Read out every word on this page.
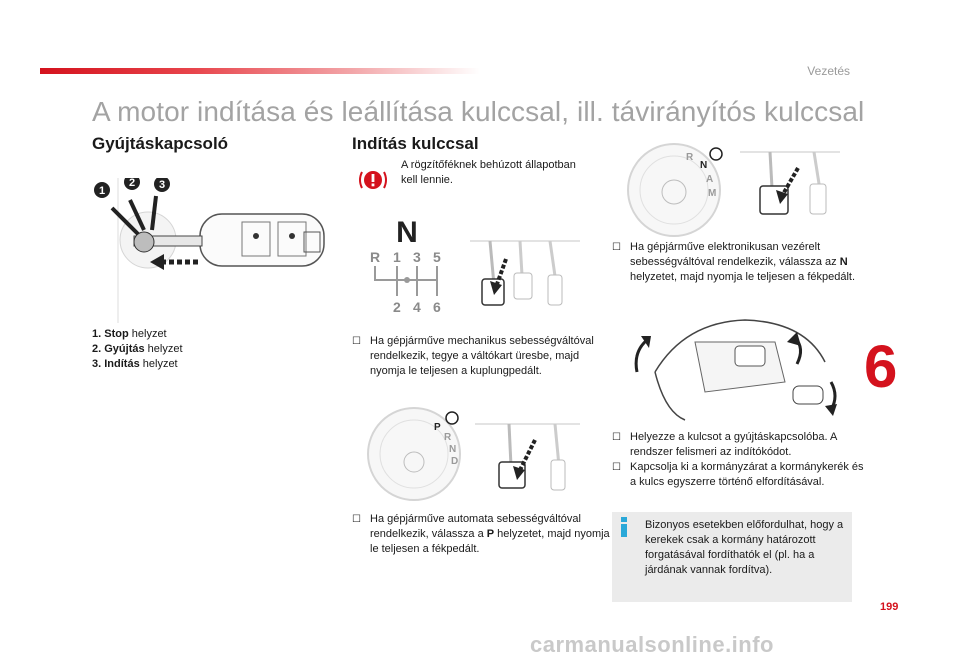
Vezetés
A motor indítása és leállítása kulccsal, ill. távirányítós kulccsal
Gyújtáskapcsoló
1
2 3
1. Stop helyzet
2. Gyújtás helyzet
3. Indítás helyzet
Indítás kulccsal
A rögzítőféknek behúzott állapotban kell lennie.
N
R 1 3 5
2 4 6
☐ Ha gépjárműve mechanikus sebességváltóval rendelkezik, tegye a váltókart üresbe, majd nyomja le teljesen a kuplungpedált.
P
R
N
D
☐ Ha gépjárműve automata sebességváltóval rendelkezik, válassza a P helyzetet, majd nyomja le teljesen a fékpedált.
R
N
A
M
☐ Ha gépjárműve elektronikusan vezérelt sebességváltóval rendelkezik, válassza az N helyzetet, majd nyomja le teljesen a fékpedált.
☐ Helyezze a kulcsot a gyújtáskapcsolóba. A rendszer felismeri az indítókódot.
☐ Kapcsolja ki a kormányzárat a kormánykerék és a kulcs egyszerre történő elfordításával.
Bizonyos esetekben előfordulhat, hogy a kerekek csak a kormány határozott forgatásával fordíthatók el (pl. ha a járdának vannak fordítva).
6
199
carmanualsonline.info
